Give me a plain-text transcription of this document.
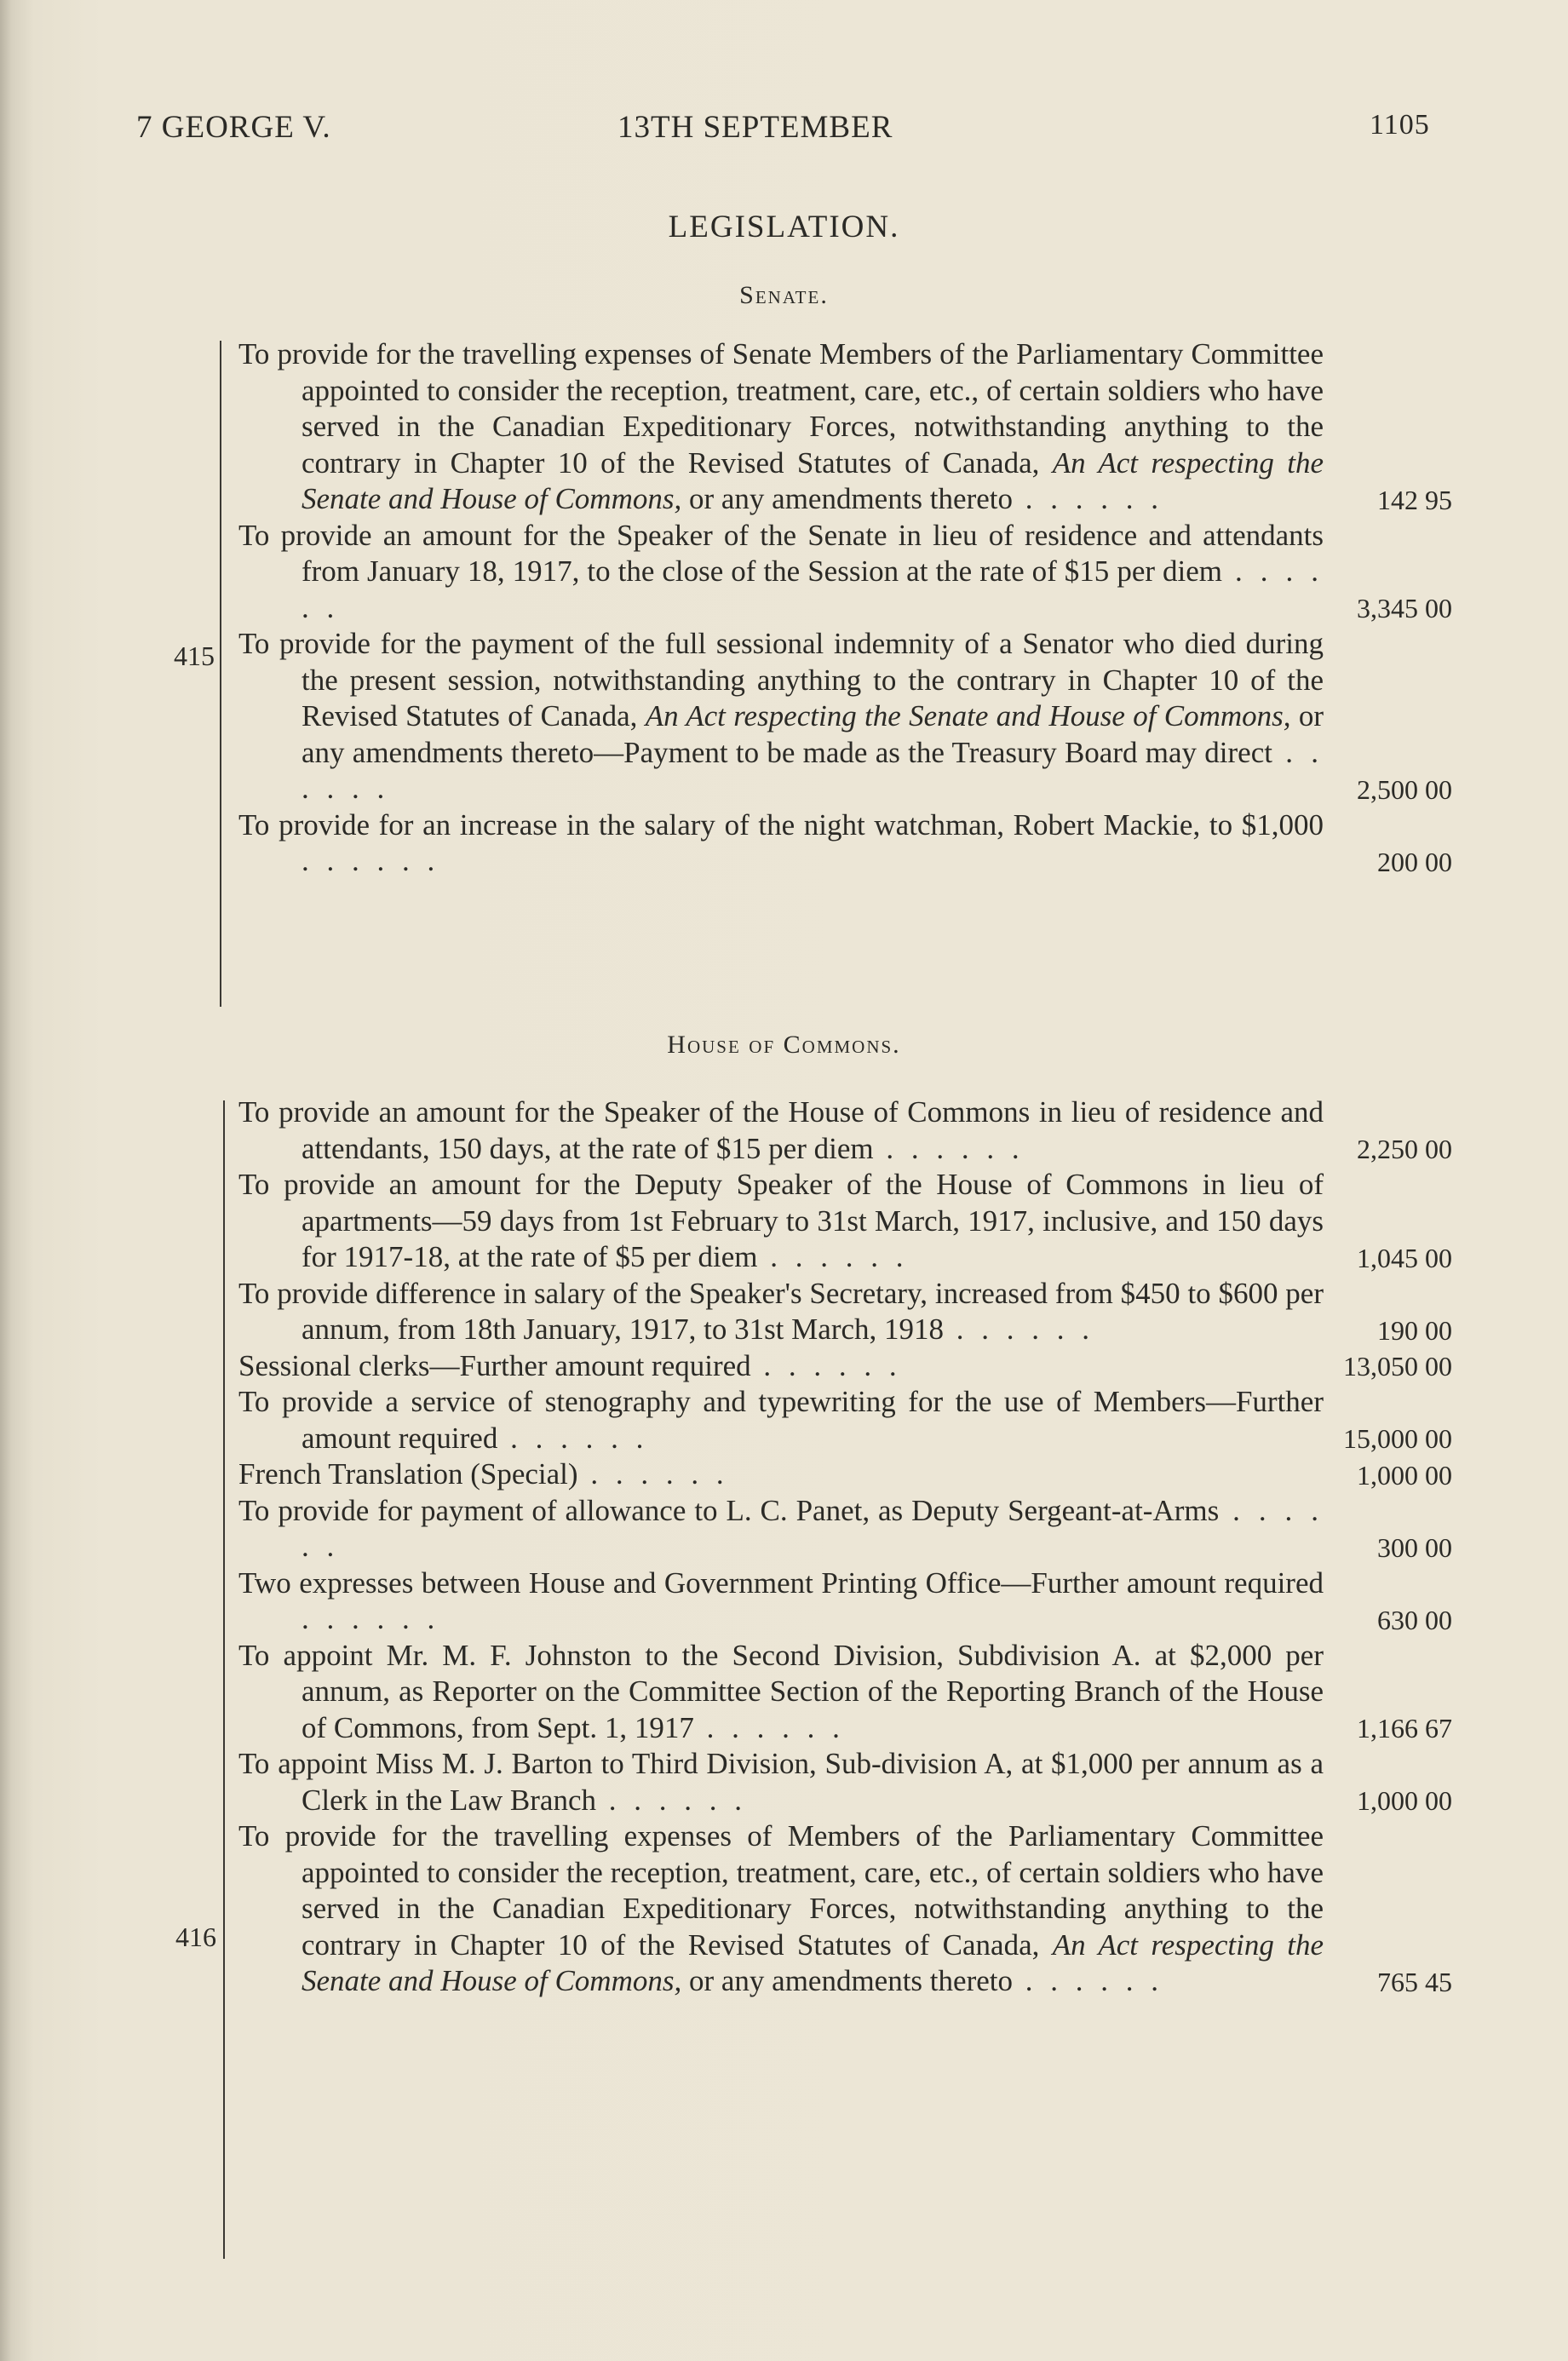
7 GEORGE V.	13TH SEPTEMBER	1105
LEGISLATION.
Senate.
To provide for the travelling expenses of Senate Members of the Parliamentary Committee appointed to consider the reception, treatment, care, etc., of certain soldiers who have served in the Canadian Expeditionary Forces, notwithstanding anything to the contrary in Chapter 10 of the Revised Statutes of Canada, An Act respecting the Senate and House of Commons, or any amendments thereto . . . . . .	142 95
To provide an amount for the Speaker of the Senate in lieu of residence and attendants from January 18, 1917, to the close of the Session at the rate of $15 per diem . . . . . .	3,345 00
To provide for the payment of the full sessional indemnity of a Senator who died during the present session, notwithstanding anything to the contrary in Chapter 10 of the Revised Statutes of Canada, An Act respecting the Senate and House of Commons, or any amendments thereto—Payment to be made as the Treasury Board may direct . . . . . .	2,500 00
To provide for an increase in the salary of the night watchman, Robert Mackie, to $1,000 . . . . . .	200 00
415
House of Commons.
To provide an amount for the Speaker of the House of Commons in lieu of residence and attendants, 150 days, at the rate of $15 per diem . . . . . .	2,250 00
To provide an amount for the Deputy Speaker of the House of Commons in lieu of apartments—59 days from 1st February to 31st March, 1917, inclusive, and 150 days for 1917-18, at the rate of $5 per diem . . . . . .	1,045 00
To provide difference in salary of the Speaker's Secretary, increased from $450 to $600 per annum, from 18th January, 1917, to 31st March, 1918 . . . . . .	190 00
Sessional clerks—Further amount required . . . . . .	13,050 00
To provide a service of stenography and typewriting for the use of Members—Further amount required . . . . . .	15,000 00
French Translation (Special) . . . . . .	1,000 00
To provide for payment of allowance to L. C. Panet, as Deputy Sergeant-at-Arms . . . . . .	300 00
Two expresses between House and Government Printing Office—Further amount required . . . . . .	630 00
To appoint Mr. M. F. Johnston to the Second Division, Subdivision A. at $2,000 per annum, as Reporter on the Committee Section of the Reporting Branch of the House of Commons, from Sept. 1, 1917 . . . . . .	1,166 67
To appoint Miss M. J. Barton to Third Division, Sub-division A, at $1,000 per annum as a Clerk in the Law Branch . . . . . .	1,000 00
To provide for the travelling expenses of Members of the Parliamentary Committee appointed to consider the reception, treatment, care, etc., of certain soldiers who have served in the Canadian Expeditionary Forces, notwithstanding anything to the contrary in Chapter 10 of the Revised Statutes of Canada, An Act respecting the Senate and House of Commons, or any amendments thereto . . . . . .	765 45
416
